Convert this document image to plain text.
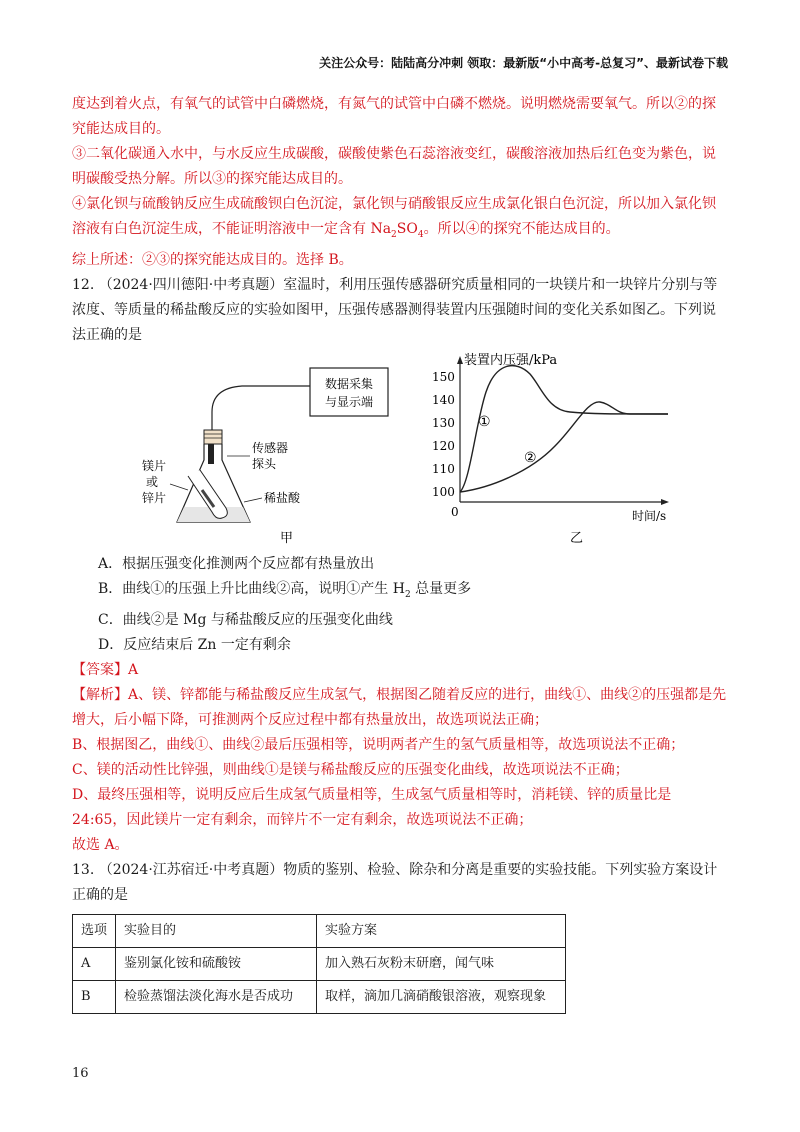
关注公众号：陆陆高分冲刺 领取：最新版“小中高考-总复习”、最新试卷下载

度达到着火点，有氧气的试管中白磷燃烧，有氮气的试管中白磷不燃烧。说明燃烧需要氧气。所以②的探究能达成目的。

③二氧化碳通入水中，与水反应生成碳酸，碳酸使紫色石蕊溶液变红，碳酸溶液加热后红色变为紫色，说明碳酸受热分解。所以③的探究能达成目的。

④氯化钡与硫酸钠反应生成硫酸钡白色沉淀，氯化钡与硝酸银反应生成氯化银白色沉淀，所以加入氯化钡溶液有白色沉淀生成，不能证明溶液中一定含有 $Na_2SO_4$。所以④的探究不能达成目的。

综上所述：②③的探究能达成目的。选择 B。

12. （2024·四川德阳·中考真题）室温时，利用压强传感器研究质量相同的一块镁片和一块锌片分别与等浓度、等质量的稀盐酸反应的实验如图甲，压强传感器测得装置内压强随时间的变化关系如图乙。下列说法正确的是

数据采集
与显示端
传感器
探头
镁片
或
锌片	稀盐酸
甲
装置内压强/kPa
时间/s
0
150
140
130
120
110
100
①
②
乙

A．根据压强变化推测两个反应都有热量放出

B．曲线①的压强上升比曲线②高，说明①产生 $H_2$ 总量更多

C．曲线②是 Mg 与稀盐酸反应的压强变化曲线

D．反应结束后 Zn 一定有剩余

【答案】A

【解析】A、镁、锌都能与稀盐酸反应生成氢气，根据图乙随着反应的进行，曲线①、曲线②的压强都是先增大，后小幅下降，可推测两个反应过程中都有热量放出，故选项说法正确；

B、根据图乙，曲线①、曲线②最后压强相等，说明两者产生的氢气质量相等，故选项说法不正确；

C、镁的活动性比锌强，则曲线①是镁与稀盐酸反应的压强变化曲线，故选项说法不正确；

D、最终压强相等，说明反应后生成氢气质量相等，生成氢气质量相等时，消耗镁、锌的质量比是 24:65，因此镁片一定有剩余，而锌片不一定有剩余，故选项说法不正确；

故选 A。

13. （2024·江苏宿迁·中考真题）物质的鉴别、检验、除杂和分离是重要的实验技能。下列实验方案设计正确的是

选项	实验目的	实验方案
A	鉴别氯化铵和硫酸铵	加入熟石灰粉末研磨，闻气味
B	检验蒸馏法淡化海水是否成功	取样，滴加几滴硝酸银溶液，观察现象
16
